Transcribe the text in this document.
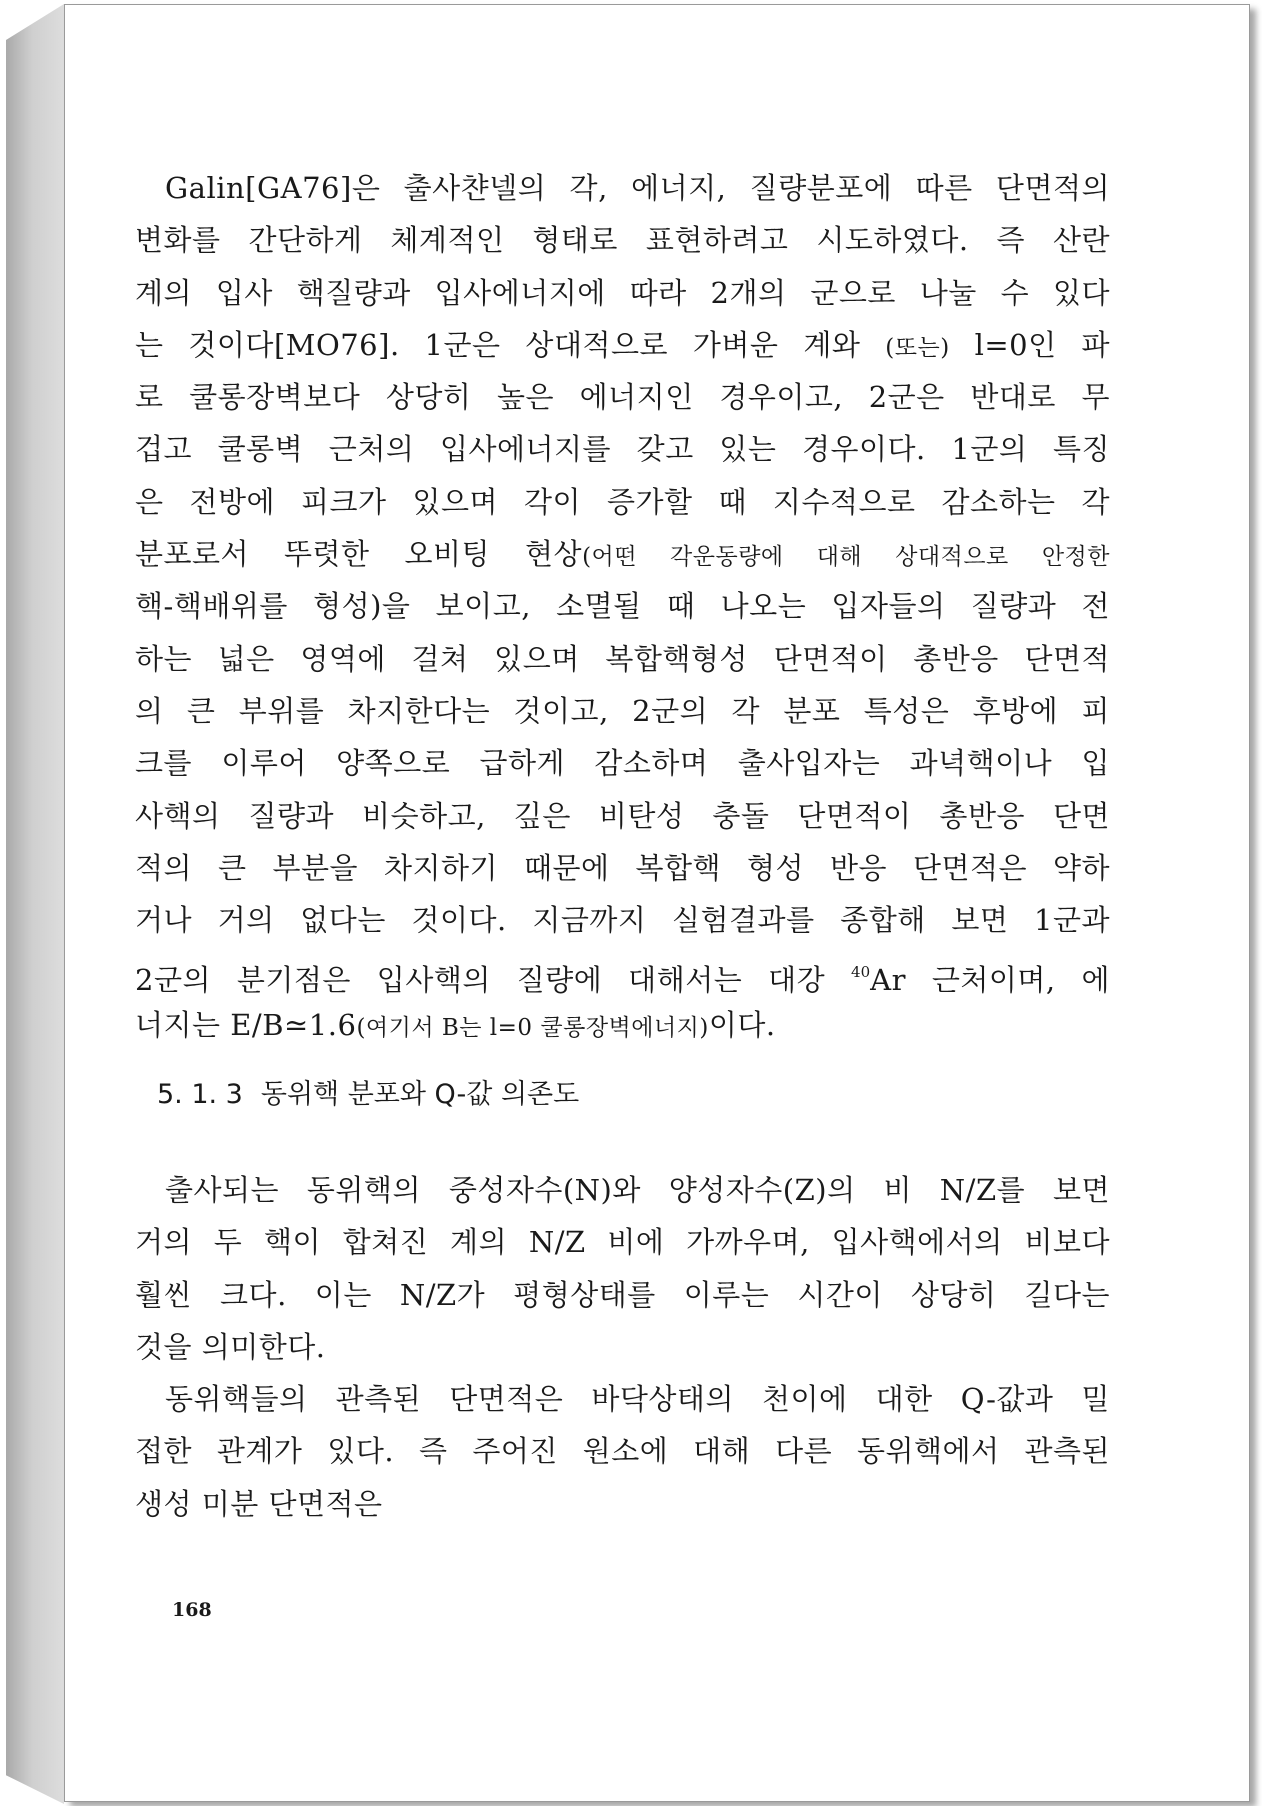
Galin[GA76]은 출사챤넬의 각, 에너지, 질량분포에 따른 단면적의
변화를 간단하게 체계적인 형태로 표현하려고 시도하였다. 즉 산란
계의 입사 핵질량과 입사에너지에 따라 2개의 군으로 나눌 수 있다
는 것이다[MO76]. 1군은 상대적으로 가벼운 계와 (또는) l=0인 파
로 쿨롱장벽보다 상당히 높은 에너지인 경우이고, 2군은 반대로 무
겁고 쿨롱벽 근처의 입사에너지를 갖고 있는 경우이다. 1군의 특징
은 전방에 피크가 있으며 각이 증가할 때 지수적으로 감소하는 각
분포로서 뚜렷한 오비팅 현상(어떤 각운동량에 대해 상대적으로 안정한
핵-핵배위를 형성)을 보이고, 소멸될 때 나오는 입자들의 질량과 전
하는 넓은 영역에 걸쳐 있으며 복합핵형성 단면적이 총반응 단면적
의 큰 부위를 차지한다는 것이고, 2군의 각 분포 특성은 후방에 피
크를 이루어 양쪽으로 급하게 감소하며 출사입자는 과녁핵이나 입
사핵의 질량과 비슷하고, 깊은 비탄성 충돌 단면적이 총반응 단면
적의 큰 부분을 차지하기 때문에 복합핵 형성 반응 단면적은 약하
거나 거의 없다는 것이다. 지금까지 실험결과를 종합해 보면 1군과
2군의 분기점은 입사핵의 질량에 대해서는 대강 $^{40}$Ar 근처이며, 에
너지는 E/B≃1.6(여기서 B는 l=0 쿨롱장벽에너지)이다.
5. 1. 3 동위핵 분포와 Q-값 의존도
출사되는 동위핵의 중성자수(N)와 양성자수(Z)의 비 N/Z를 보면
거의 두 핵이 합쳐진 계의 N/Z 비에 가까우며, 입사핵에서의 비보다
훨씬 크다. 이는 N/Z가 평형상태를 이루는 시간이 상당히 길다는
것을 의미한다.
동위핵들의 관측된 단면적은 바닥상태의 천이에 대한 Q-값과 밀
접한 관계가 있다. 즉 주어진 원소에 대해 다른 동위핵에서 관측된
생성 미분 단면적은
168
